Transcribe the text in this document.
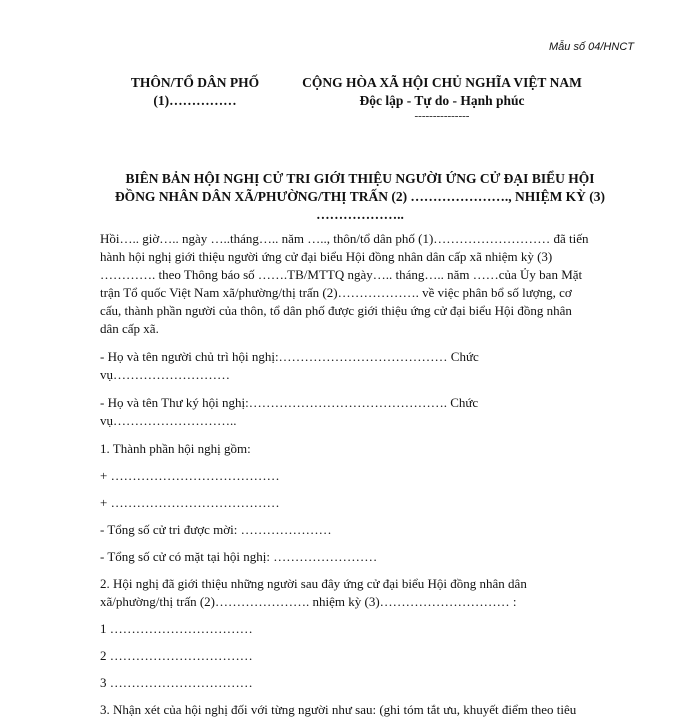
Mẫu số 04/HNCT
THÔN/TỔ DÂN PHỐ
(1)……………
CỘNG HÒA XÃ HỘI CHỦ NGHĨA VIỆT NAM
Độc lập - Tự do - Hạnh phúc
---------------
BIÊN BẢN HỘI NGHỊ CỬ TRI GIỚI THIỆU NGƯỜI ỨNG CỬ ĐẠI BIỂU HỘI
ĐỒNG NHÂN DÂN XÃ/PHƯỜNG/THỊ TRẤN (2) …………………., NHIỆM KỲ (3)
………………..

Hồi….. giờ….. ngày …..tháng….. năm ….., thôn/tổ dân phố (1)……………………… đã tiến

hành hội nghị giới thiệu người ứng cử đại biểu Hội đồng nhân dân cấp xã nhiệm kỳ (3)

…………. theo Thông báo số …….TB/MTTQ ngày….. tháng….. năm ……của Ủy ban Mặt

trận Tổ quốc Việt Nam xã/phường/thị trấn (2)………………. về việc phân bổ số lượng, cơ

cấu, thành phần người của thôn, tổ dân phố được giới thiệu ứng cử đại biểu Hội đồng nhân

dân cấp xã.

- Họ và tên người chủ trì hội nghị:………………………………… Chức

vụ………………………

- Họ và tên Thư ký hội nghị:………………………………………. Chức

vụ………………………..

1. Thành phần hội nghị gồm:

+ …………………………………

+ …………………………………

- Tổng số cử tri được mời: …………………

- Tổng số cử có mặt tại hội nghị: ……………………

2. Hội nghị đã giới thiệu những người sau đây ứng cử đại biểu Hội đồng nhân dân

xã/phường/thị trấn (2)…………………. nhiệm kỳ (3)………………………… :

1 ……………………………

2 ……………………………

3 ……………………………

3. Nhận xét của hội nghị đối với từng người như sau: (ghi tóm tắt ưu, khuyết điểm theo tiêu
